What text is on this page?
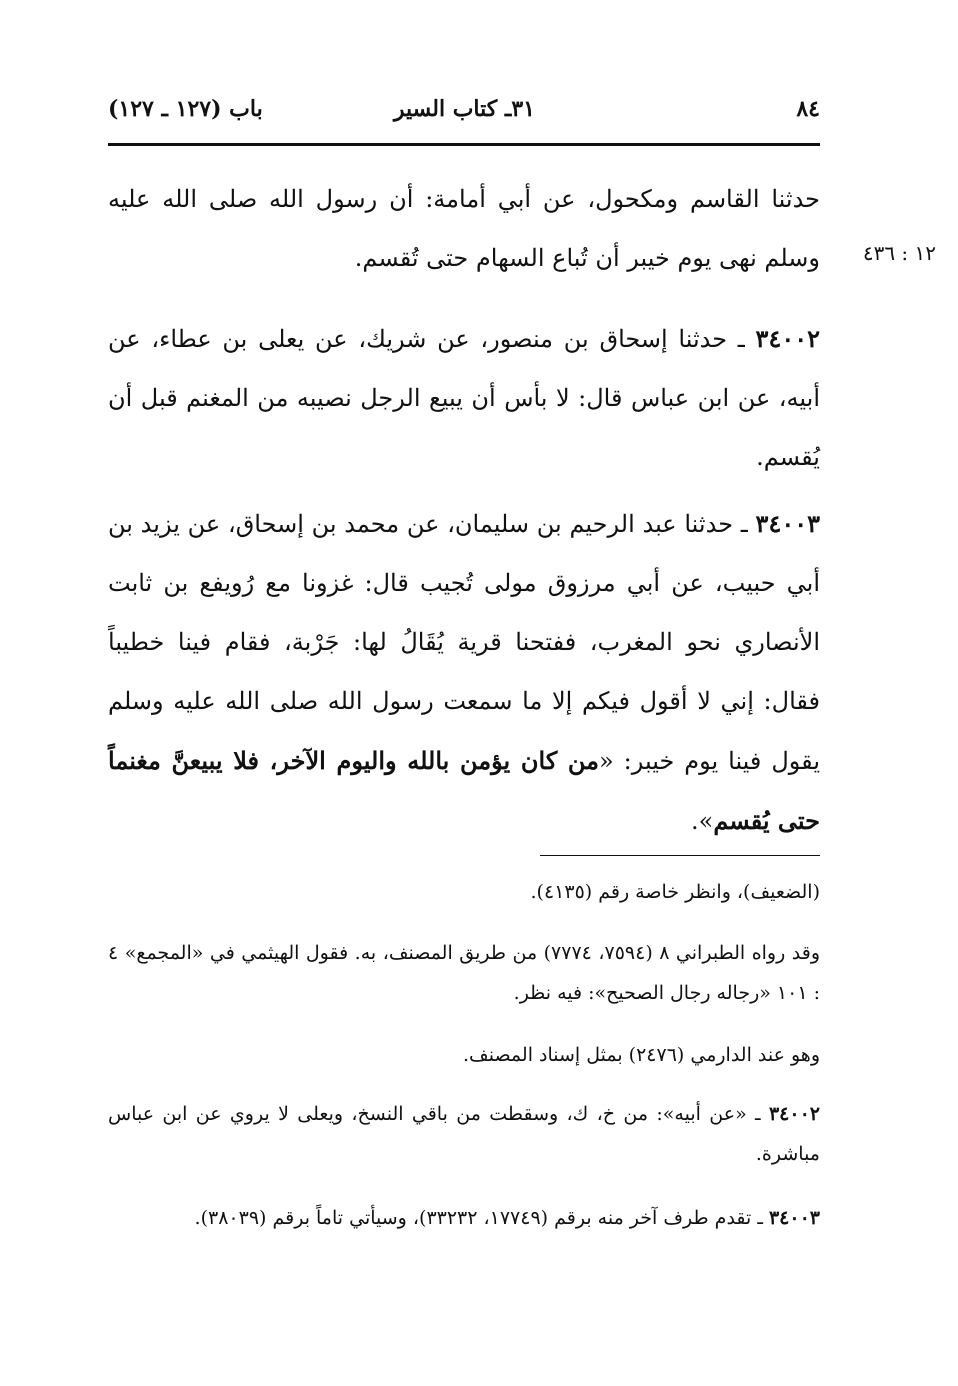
٨٤
٣١ـ كتاب السير
باب (١٢٧ ـ ١٢٧)

حدثنا القاسم ومكحول، عن أبي أمامة: أن رسول الله صلى الله عليه وسلم نهى يوم خيبر أن تُباع السهام حتى تُقسم.	١٢ : ٤٣٦

٣٤٠٠٢ ـ حدثنا إسحاق بن منصور، عن شريك، عن يعلى بن عطاء، عن أبيه، عن ابن عباس قال: لا بأس أن يبيع الرجل نصيبه من المغنم قبل أن يُقسم.

٣٤٠٠٣ ـ حدثنا عبد الرحيم بن سليمان، عن محمد بن إسحاق، عن يزيد بن أبي حبيب، عن أبي مرزوق مولى تُجيب قال: غزونا مع رُويفع بن ثابت الأنصاري نحو المغرب، ففتحنا قرية يُقَالُ لها: جَرْبة، فقام فينا خطيباً فقال: إني لا أقول فيكم إلا ما سمعت رسول الله صلى الله عليه وسلم يقول فينا يوم خيبر: «من كان يؤمن بالله واليوم الآخر، فلا يبيعنَّ مغنماً حتى يُقسم».

(الضعيف)، وانظر خاصة رقم (٤١٣٥).

وقد رواه الطبراني ٨ (٧٥٩٤، ٧٧٧٤) من طريق المصنف، به. فقول الهيثمي في «المجمع» ٤ : ١٠١ «رجاله رجال الصحيح»: فيه نظر.

وهو عند الدارمي (٢٤٧٦) بمثل إسناد المصنف.

٣٤٠٠٢ ـ «عن أبيه»: من خ، ك، وسقطت من باقي النسخ، ويعلى لا يروي عن ابن عباس مباشرة.

٣٤٠٠٣ ـ تقدم طرف آخر منه برقم (١٧٧٤٩، ٣٣٢٣٢)، وسيأتي تاماً برقم (٣٨٠٣٩).
